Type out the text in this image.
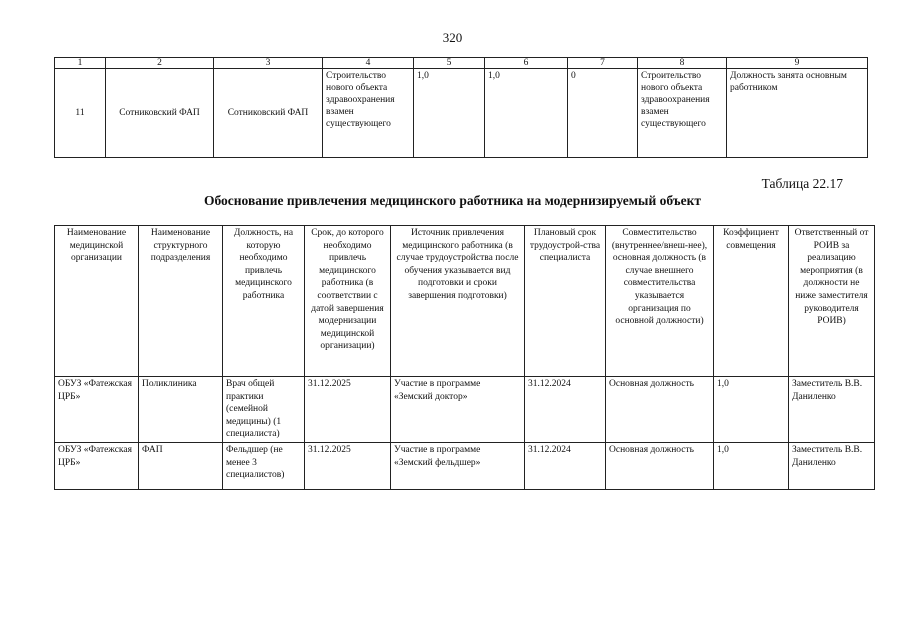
320
1	2	3	4	5	6	7	8	9
11	Сотниковский ФАП	Сотниковский ФАП	Строительство нового объекта здравоохранения взамен существующего	1,0	1,0	0	Строительство нового объекта здравоохранения взамен существующего	Должность занята основным работником
Таблица 22.17
Обоснование привлечения медицинского работника на модернизируемый объект
Наименование медицинской организации	Наименование структурного подразделения	Должность, на которую необходимо привлечь медицинского работника	Срок, до которого необходимо привлечь медицинского работника (в соответствии с датой завершения модернизации медицинской организации)	Источник привлечения медицинского работника (в случае трудоустройства после обучения указывается вид подготовки и сроки завершения подготовки)	Плановый срок трудоустрой-ства специалиста	Совместительство (внутреннее/внеш-нее), основная должность (в случае внешнего совместительства указывается организация по основной должности)	Коэффициент совмещения	Ответственный от РОИВ за реализацию мероприятия (в должности не ниже заместителя руководителя РОИВ)
ОБУЗ «Фатежская ЦРБ»	Поликлиника	Врач общей практики (семейной медицины) (1 специалиста)	31.12.2025	Участие в программе «Земский доктор»	31.12.2024	Основная должность	1,0	Заместитель В.В. Даниленко
ОБУЗ «Фатежская ЦРБ»	ФАП	Фельдшер (не менее 3 специалистов)	31.12.2025	Участие в программе «Земский фельдшер»	31.12.2024	Основная должность	1,0	Заместитель В.В. Даниленко
